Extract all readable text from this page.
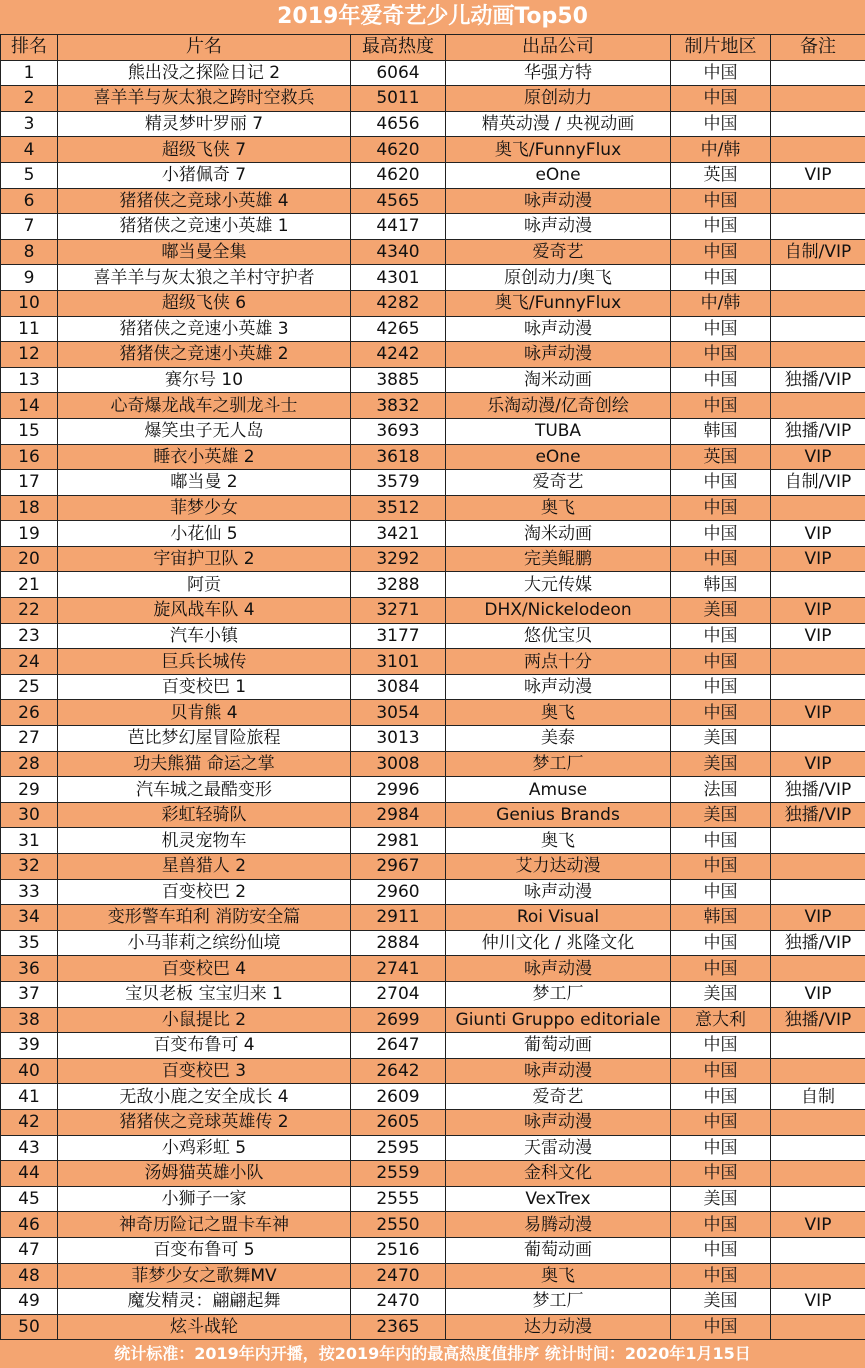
2019年爱奇艺少儿动画Top50
排名	片名	最高热度	出品公司	制片地区	备注
1	熊出没之探险日记 2	6064	华强方特	中国	
2	喜羊羊与灰太狼之跨时空救兵	5011	原创动力	中国	
3	精灵梦叶罗丽 7	4656	精英动漫 / 央视动画	中国	
4	超级飞侠 7	4620	奥飞/FunnyFlux	中/韩	
5	小猪佩奇 7	4620	eOne	英国	VIP
6	猪猪侠之竞球小英雄 4	4565	咏声动漫	中国	
7	猪猪侠之竞速小英雄 1	4417	咏声动漫	中国	
8	嘟当曼全集	4340	爱奇艺	中国	自制/VIP
9	喜羊羊与灰太狼之羊村守护者	4301	原创动力/奥飞	中国	
10	超级飞侠 6	4282	奥飞/FunnyFlux	中/韩	
11	猪猪侠之竞速小英雄 3	4265	咏声动漫	中国	
12	猪猪侠之竞速小英雄 2	4242	咏声动漫	中国	
13	赛尔号 10	3885	淘米动画	中国	独播/VIP
14	心奇爆龙战车之驯龙斗士	3832	乐淘动漫/亿奇创绘	中国	
15	爆笑虫子无人岛	3693	TUBA	韩国	独播/VIP
16	睡衣小英雄 2	3618	eOne	英国	VIP
17	嘟当曼 2	3579	爱奇艺	中国	自制/VIP
18	菲梦少女	3512	奥飞	中国	
19	小花仙 5	3421	淘米动画	中国	VIP
20	宇宙护卫队 2	3292	完美鲲鹏	中国	VIP
21	阿贡	3288	大元传媒	韩国	
22	旋风战车队 4	3271	DHX/Nickelodeon	美国	VIP
23	汽车小镇	3177	悠优宝贝	中国	VIP
24	巨兵长城传	3101	两点十分	中国	
25	百变校巴 1	3084	咏声动漫	中国	
26	贝肯熊 4	3054	奥飞	中国	VIP
27	芭比梦幻屋冒险旅程	3013	美泰	美国	
28	功夫熊猫 命运之掌	3008	梦工厂	美国	VIP
29	汽车城之最酷变形	2996	Amuse	法国	独播/VIP
30	彩虹轻骑队	2984	Genius Brands	美国	独播/VIP
31	机灵宠物车	2981	奥飞	中国	
32	星兽猎人 2	2967	艾力达动漫	中国	
33	百变校巴 2	2960	咏声动漫	中国	
34	变形警车珀利 消防安全篇	2911	Roi Visual	韩国	VIP
35	小马菲莉之缤纷仙境	2884	仲川文化 / 兆隆文化	中国	独播/VIP
36	百变校巴 4	2741	咏声动漫	中国	
37	宝贝老板 宝宝归来 1	2704	梦工厂	美国	VIP
38	小鼠提比 2	2699	Giunti Gruppo editoriale	意大利	独播/VIP
39	百变布鲁可 4	2647	葡萄动画	中国	
40	百变校巴 3	2642	咏声动漫	中国	
41	无敌小鹿之安全成长 4	2609	爱奇艺	中国	自制
42	猪猪侠之竞球英雄传 2	2605	咏声动漫	中国	
43	小鸡彩虹 5	2595	天雷动漫	中国	
44	汤姆猫英雄小队	2559	金科文化	中国	
45	小狮子一家	2555	VexTrex	美国	
46	神奇历险记之盟卡车神	2550	易腾动漫	中国	VIP
47	百变布鲁可 5	2516	葡萄动画	中国	
48	菲梦少女之歌舞MV	2470	奥飞	中国	
49	魔发精灵：翩翩起舞	2470	梦工厂	美国	VIP
50	炫斗战轮	2365	达力动漫	中国	
统计标准：2019年内开播，按2019年内的最高热度值排序 统计时间：2020年1月15日
